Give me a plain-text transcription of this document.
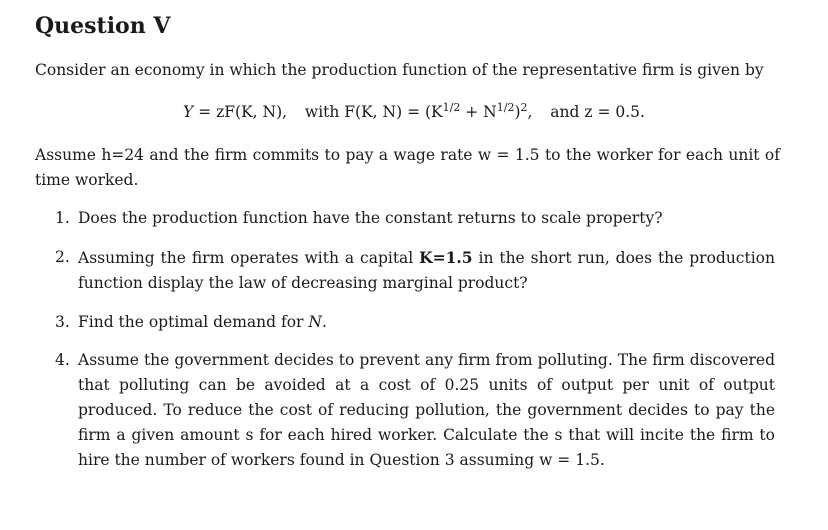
Question V

Consider an economy in which the production function of the representative firm is given by

Y = zF(K, N), with F(K, $N) = (K^{1/2} + N^{1/2})^2$,  and z = 0.5.

Assume h=24 and the firm commits to pay a wage rate w = 1.5 to the worker for each unit of time worked.

1. Does the production function have the constant returns to scale property?
2. Assuming the firm operates with a capital K=1.5 in the short run, does the production function display the law of decreasing marginal product?
3. Find the optimal demand for N.
4. Assume the government decides to prevent any firm from polluting. The firm discovered that polluting can be avoided at a cost of 0.25 units of output per unit of output produced. To reduce the cost of reducing pollution, the government decides to pay the firm a given amount s for each hired worker. Calculate the s that will incite the firm to hire the number of workers found in Question 3 assuming w = 1.5.
